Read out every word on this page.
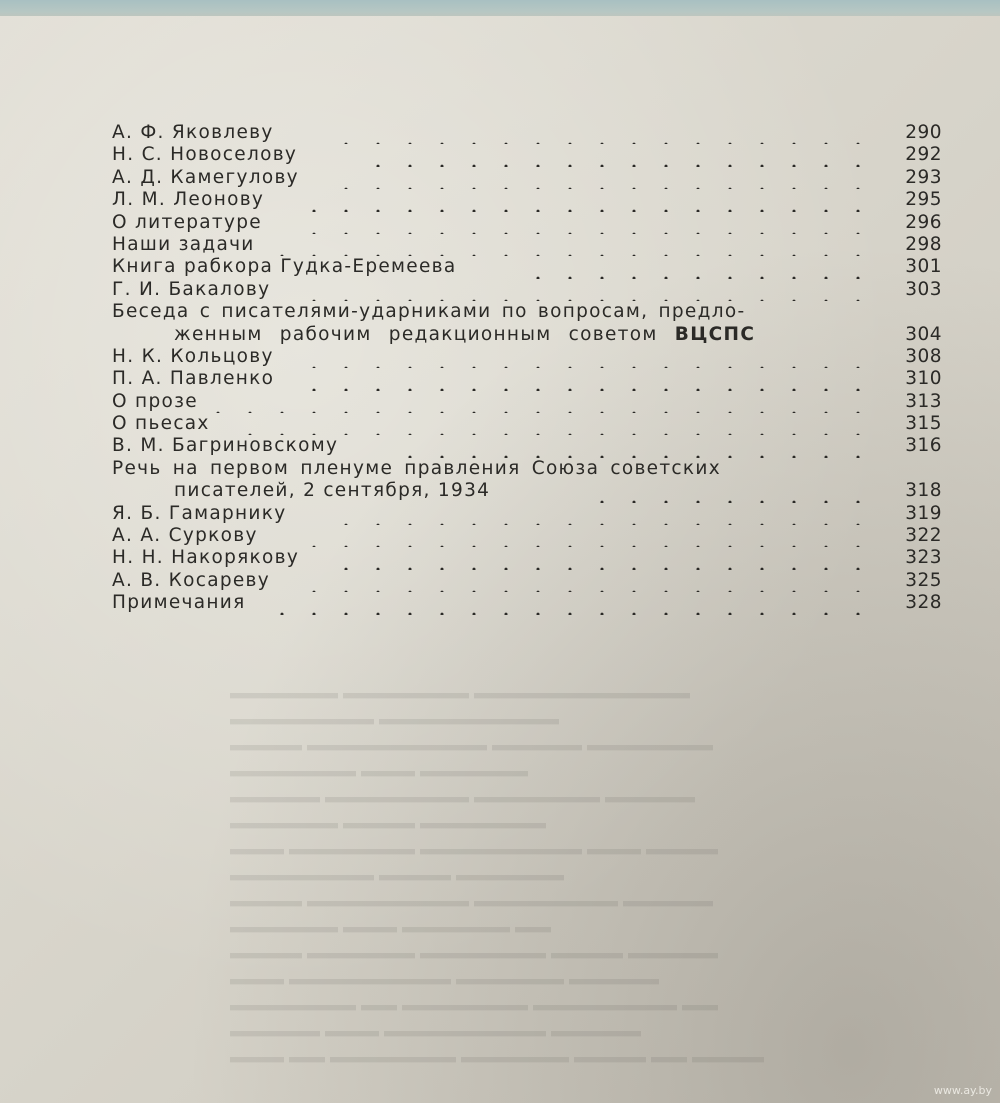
▬▬▬ ▬▬ ▬▬▬▬▬▬▬ ▬▬▬▬▬▬ ▬▬▬▬ ▬▬ ▬▬▬▬
▬▬▬▬▬ ▬▬▬ ▬▬▬▬▬▬▬▬▬ ▬▬▬▬▬
▬▬▬▬▬▬▬ ▬▬ ▬▬▬▬▬▬▬ ▬▬▬▬▬▬▬▬ ▬▬
▬▬▬ ▬▬▬▬▬▬▬▬▬ ▬▬▬▬▬▬ ▬▬▬▬▬
▬▬▬▬ ▬▬▬▬▬▬ ▬▬▬▬▬▬▬ ▬▬▬▬ ▬▬▬▬▬
▬▬▬▬▬▬ ▬▬▬ ▬▬▬▬▬▬ ▬▬
▬▬▬▬ ▬▬▬▬▬▬▬▬▬ ▬▬▬▬▬▬▬▬ ▬▬▬▬▬
▬▬▬▬▬▬▬▬ ▬▬▬▬ ▬▬▬▬▬▬
▬▬▬ ▬▬▬▬▬▬▬ ▬▬▬▬▬▬▬▬▬ ▬▬▬ ▬▬▬▬
▬▬▬▬▬▬ ▬▬▬▬ ▬▬▬▬▬▬▬
▬▬▬▬▬ ▬▬▬▬▬▬▬▬ ▬▬▬▬▬▬▬ ▬▬▬▬▬
▬▬▬▬▬▬▬ ▬▬▬ ▬▬▬▬▬▬
▬▬▬▬ ▬▬▬▬▬▬▬▬▬▬ ▬▬▬▬▬ ▬▬▬▬▬▬▬
▬▬▬▬▬▬▬▬ ▬▬▬▬▬▬▬▬▬▬
▬▬▬▬▬▬ ▬▬▬▬▬▬▬ ▬▬▬▬▬▬▬▬▬▬▬▬
А. Ф. Яковлеву	290
Н. С. Новоселову	292
А. Д. Камегулову	293
Л. М. Леонову	295
О литературе	296
Наши задачи	298
Книга рабкора Гудка-Еремеева	301
Г. И. Бакалову	303
Беседа с писателями-ударниками по вопросам, предло-
женным рабочим редакционным советом ВЦСПС	304
Н. К. Кольцову	308
П. А. Павленко	310
О прозе	313
О пьесах	315
В. М. Багриновскому	316
Речь на первом пленуме правления Союза советских
писателей, 2 сентября, 1934	318
Я. Б. Гамарнику	319
А. А. Суркову	322
Н. Н. Накорякову	323
А. В. Косареву	325
Примечания	328
www.ay.by
